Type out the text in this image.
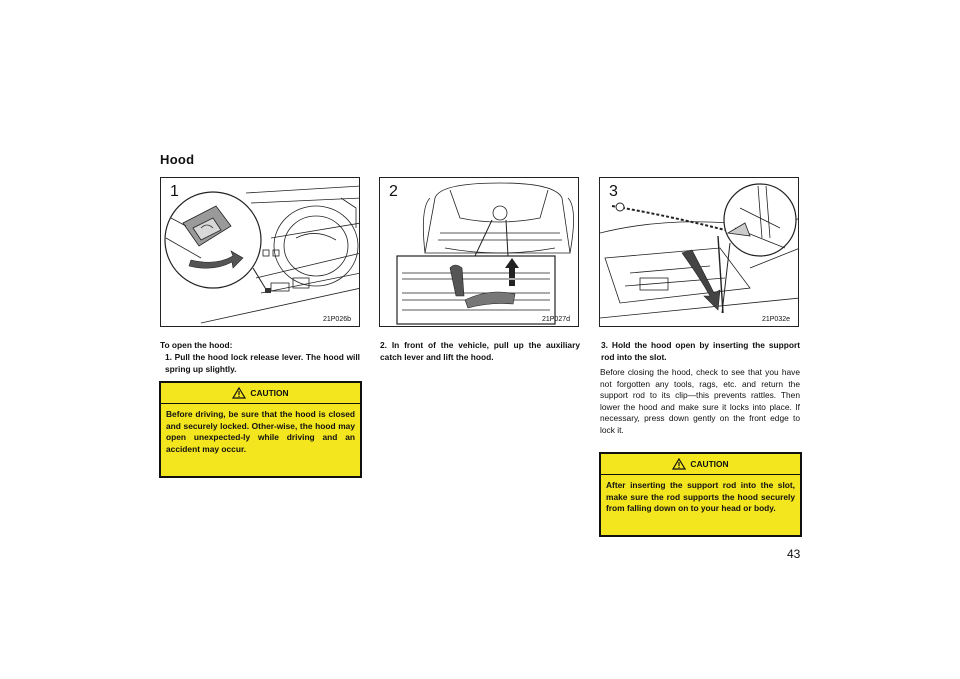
Hood
1
21P026b
2
21P027d
3
21P032e
To open the hood:
1. Pull the hood lock release lever. The hood will spring up slightly.
CAUTION
Before driving, be sure that the hood is closed and securely locked. Other-wise, the hood may open unexpected-ly while driving and an accident may occur.
2. In front of the vehicle, pull up the auxiliary catch lever and lift the hood.
3. Hold the hood open by inserting the support rod into the slot.
Before closing the hood, check to see that you have not forgotten any tools, rags, etc. and return the support rod to its clip—this prevents rattles. Then lower the hood and make sure it locks into place. If necessary, press down gently on the front edge to lock it.
CAUTION
After inserting the support rod into the slot, make sure the rod supports the hood securely from falling down on to your head or body.
43
